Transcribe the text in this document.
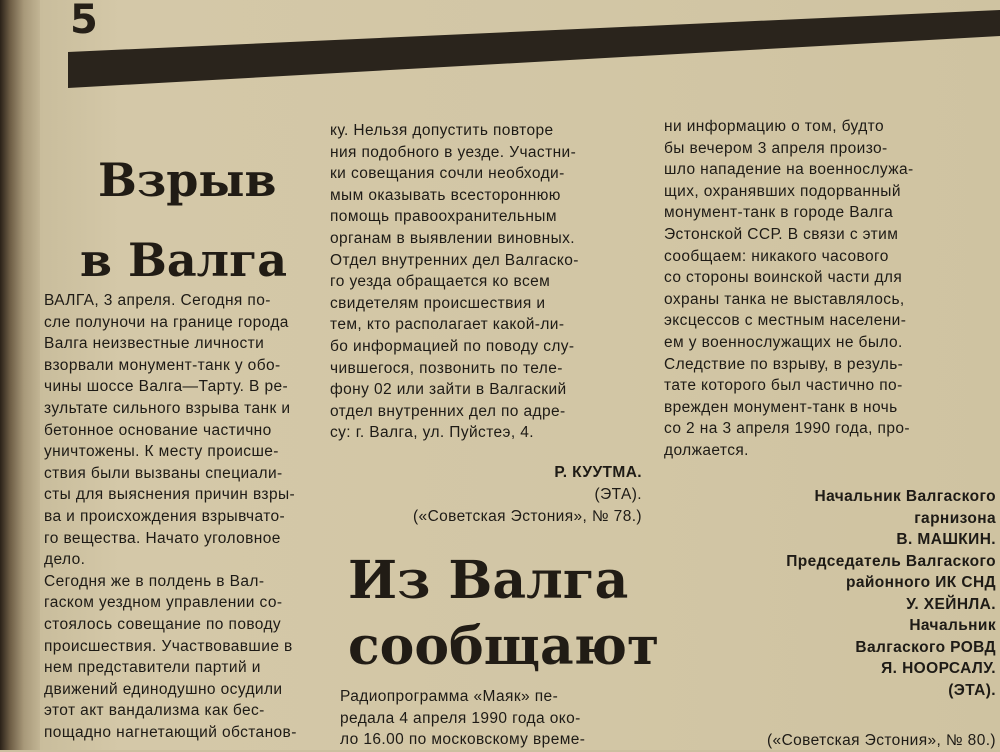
5
Взрыв
в Валга

ВАЛГА, 3 апреля. Сегодня по-

сле полуночи на границе города

Валга неизвестные личности

взорвали монумент-танк у обо-

чины шоссе Валга—Тарту. В ре-

зультате сильного взрыва танк и

бетонное основание частично

уничтожены. К месту происше-

ствия были вызваны специали-

сты для выяснения причин взры-

ва и происхождения взрывчато-

го вещества. Начато уголовное

дело.

Сегодня же в полдень в Вал-

гаском уездном управлении со-

стоялось совещание по поводу

происшествия. Участвовавшие в

нем представители партий и

движений единодушно осудили

этот акт вандализма как бес-

пощадно нагнетающий обстанов-

ку. Нельзя допустить повторе

ния подобного в уезде. Участни-

ки совещания сочли необходи-

мым оказывать всестороннюю

помощь правоохранительным

органам в выявлении виновных.

Отдел внутренних дел Валгаско-

го уезда обращается ко всем

свидетелям происшествия и

тем, кто располагает какой-ли-

бо информацией по поводу слу-

чившегося, позвонить по теле-

фону 02 или зайти в Валгаский

отдел внутренних дел по адре-

су: г. Валга, ул. Пуйстеэ, 4.

Р. КУУТМА.
(ЭТА).
(«Советская Эстония», № 78.)
Из Валга
сообщают

Радиопрограмма «Маяк» пе-

редала 4 апреля 1990 года око-

ло 16.00 по московскому време-

ни информацию о том, будто

бы вечером 3 апреля произо-

шло нападение на военнослужа-

щих, охранявших подорванный

монумент-танк в городе Валга

Эстонской ССР. В связи с этим

сообщаем: никакого часового

со стороны воинской части для

охраны танка не выставлялось,

эксцессов с местным населени-

ем у военнослужащих не было.

Следствие по взрыву, в резуль-

тате которого был частично по-

врежден монумент-танк в ночь

со 2 на 3 апреля 1990 года, про-

должается.

Начальник Валгаского

гарнизона

В. МАШКИН.

Председатель Валгаского

районного ИК СНД

У. ХЕЙНЛА.

Начальник

Валгаского РОВД

Я. НООРСАЛУ.

(ЭТА).

(«Советская Эстония», № 80.)
